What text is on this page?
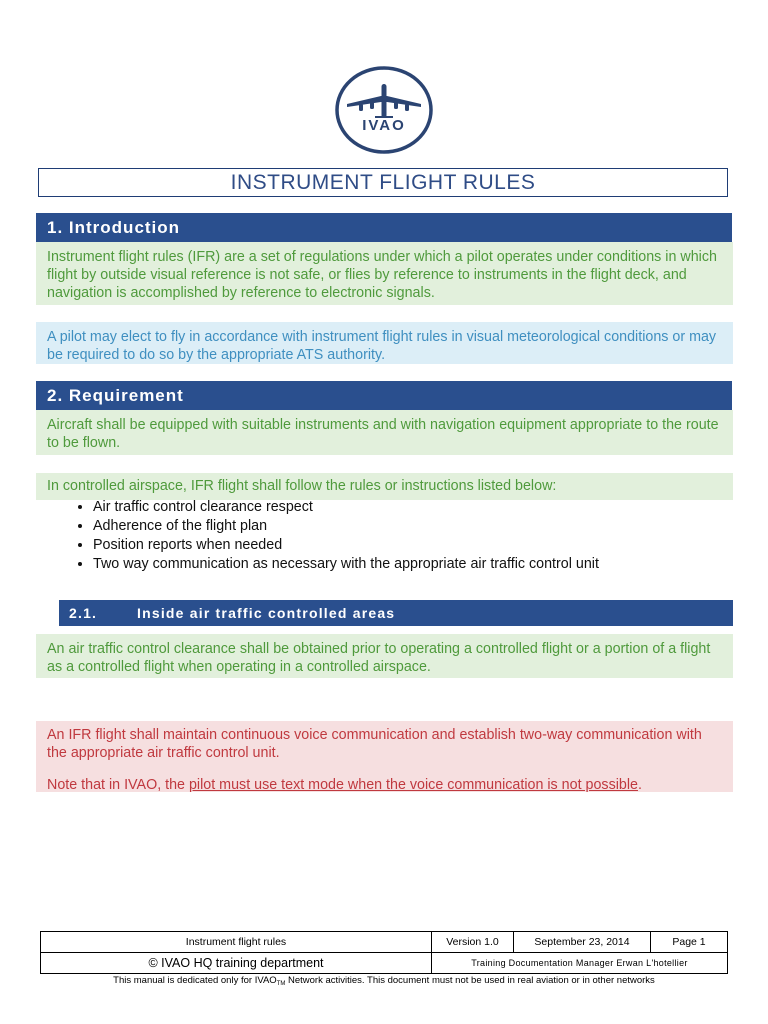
IVAO
INSTRUMENT FLIGHT RULES
1. Introduction
Instrument flight rules (IFR) are a set of regulations under which a pilot operates under conditions in which flight by outside visual reference is not safe, or flies by reference to instruments in the flight deck, and navigation is accomplished by reference to electronic signals.
A pilot may elect to fly in accordance with instrument flight rules in visual meteorological conditions or may be required to do so by the appropriate ATS authority.
2. Requirement
Aircraft shall be equipped with suitable instruments and with navigation equipment appropriate to the route to be flown.
In controlled airspace, IFR flight shall follow the rules or instructions listed below:
• Air traffic control clearance respect
• Adherence of the flight plan
• Position reports when needed
• Two way communication as necessary with the appropriate air traffic control unit
2.1.	Inside air traffic controlled areas
An air traffic control clearance shall be obtained prior to operating a controlled flight or a portion of a flight as a controlled flight when operating in a controlled airspace.

An IFR flight shall maintain continuous voice communication and establish two-way communication with the appropriate air traffic control unit.

Note that in IVAO, the pilot must use text mode when the voice communication is not possible.

Instrument flight rules	Version 1.0	September 23, 2014	Page 1
© IVAO HQ training department	Training Documentation Manager Erwan L'hotellier		
This manual is dedicated only for $IVAO_{TM}$ Network activities. This document must not be used in real aviation or in other networks
